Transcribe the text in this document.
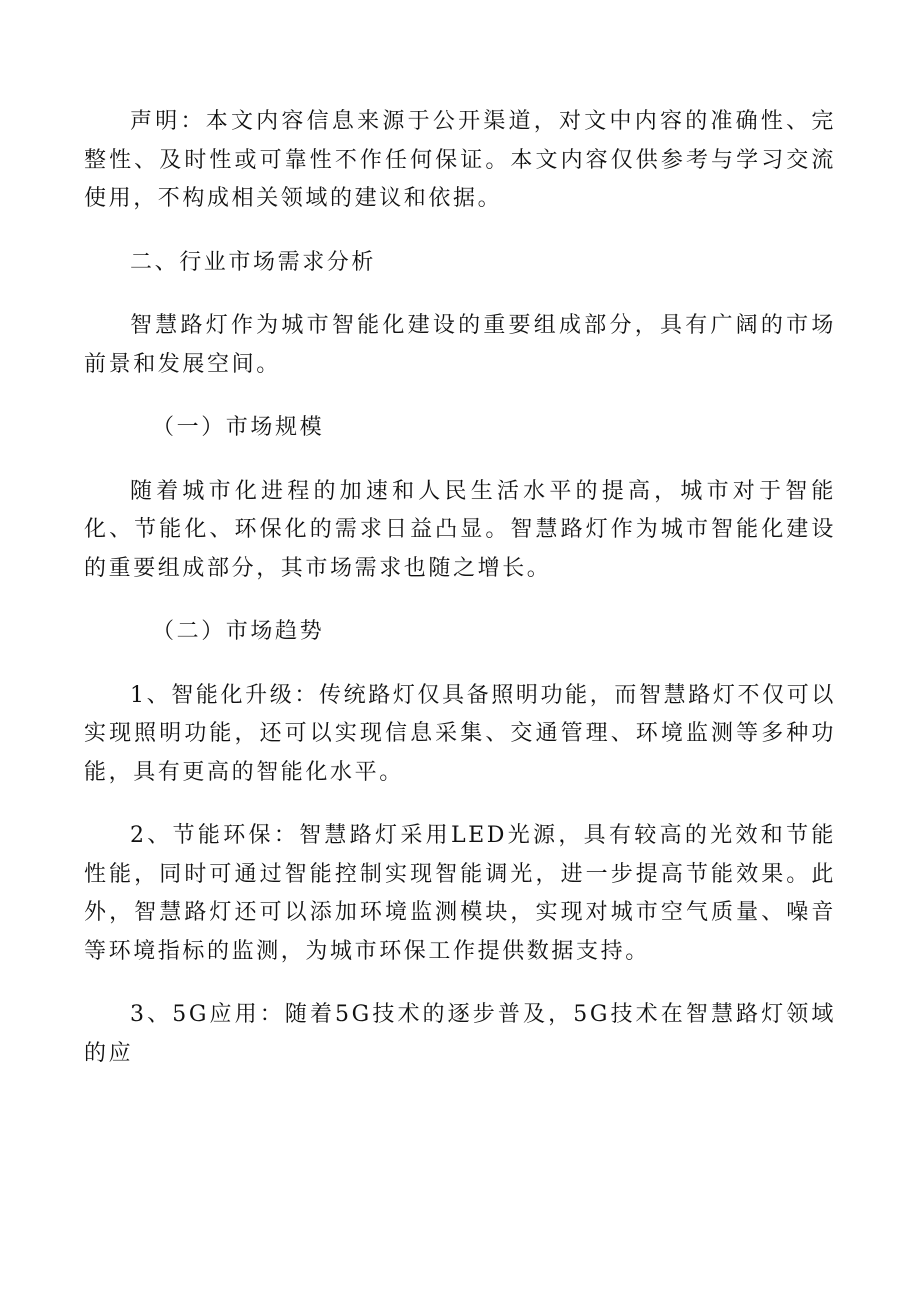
声明：本文内容信息来源于公开渠道，对文中内容的准确性、完整性、及时性或可靠性不作任何保证。本文内容仅供参考与学习交流使用，不构成相关领域的建议和依据。

二、行业市场需求分析

智慧路灯作为城市智能化建设的重要组成部分，具有广阔的市场前景和发展空间。

（一）市场规模

随着城市化进程的加速和人民生活水平的提高，城市对于智能化、节能化、环保化的需求日益凸显。智慧路灯作为城市智能化建设的重要组成部分，其市场需求也随之增长。

（二）市场趋势

1、智能化升级：传统路灯仅具备照明功能，而智慧路灯不仅可以实现照明功能，还可以实现信息采集、交通管理、环境监测等多种功能，具有更高的智能化水平。

2、节能环保：智慧路灯采用LED光源，具有较高的光效和节能性能，同时可通过智能控制实现智能调光，进一步提高节能效果。此外，智慧路灯还可以添加环境监测模块，实现对城市空气质量、噪音等环境指标的监测，为城市环保工作提供数据支持。

3、5G应用：随着5G技术的逐步普及，5G技术在智慧路灯领域的应
